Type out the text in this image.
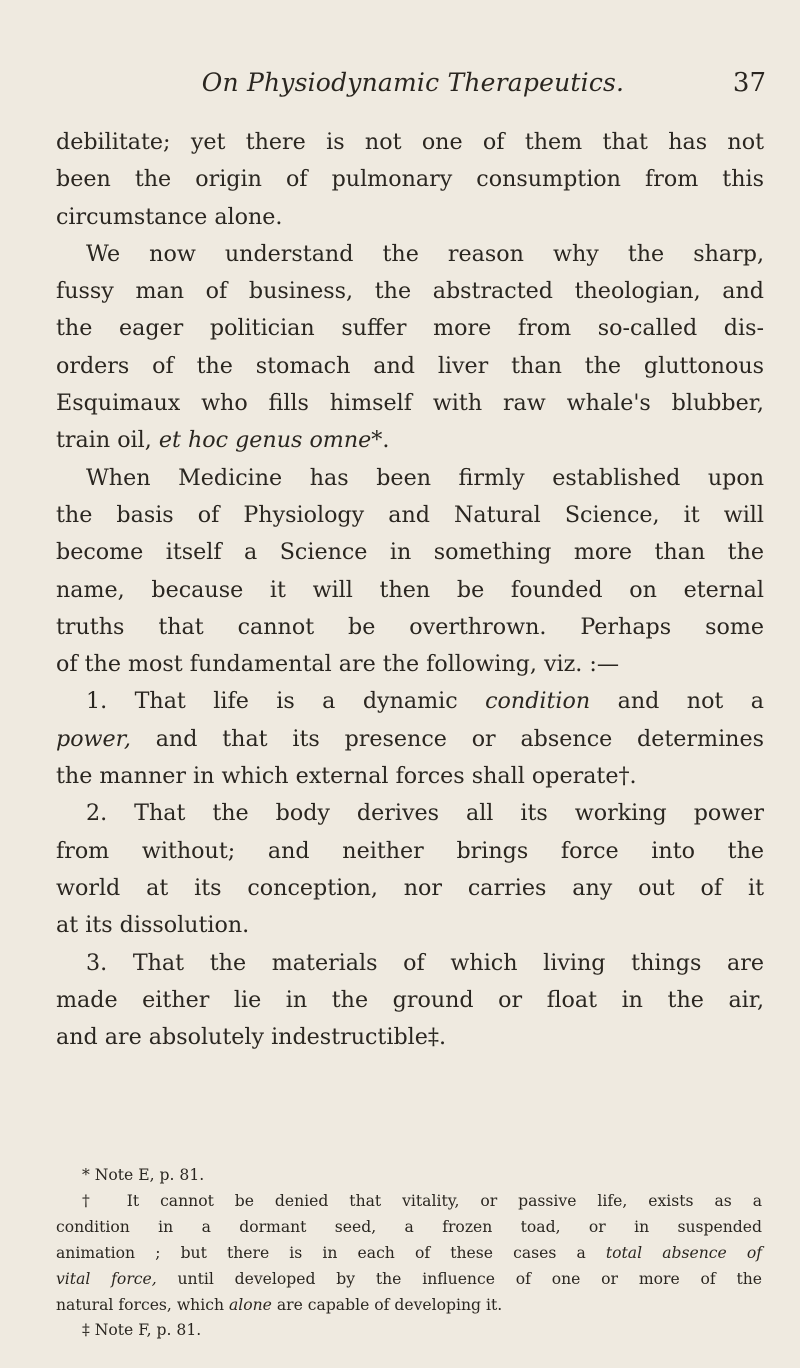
On Physiodynamic Therapeutics.	37
debilitate; yet there is not one of them that has not
been the origin of pulmonary consumption from this
circumstance alone.
We now understand the reason why the sharp,
fussy man of business, the abstracted theologian, and
the eager politician suffer more from so-called dis-
orders of the stomach and liver than the gluttonous
Esquimaux who fills himself with raw whale's blubber,
train oil, et hoc genus omne*.
When Medicine has been firmly established upon
the basis of Physiology and Natural Science, it will
become itself a Science in something more than the
name, because it will then be founded on eternal
truths that cannot be overthrown. Perhaps some
of the most fundamental are the following, viz. :—
1. That life is a dynamic condition and not a
power, and that its presence or absence determines
the manner in which external forces shall operate†.
2. That the body derives all its working power
from without; and neither brings force into the
world at its conception, nor carries any out of it
at its dissolution.
3. That the materials of which living things are
made either lie in the ground or float in the air,
and are absolutely indestructible‡.
* Note E, p. 81.
† It cannot be denied that vitality, or passive life, exists as a
condition in a dormant seed, a frozen toad, or in suspended
animation ; but there is in each of these cases a total absence of
vital force, until developed by the influence of one or more of the
natural forces, which alone are capable of developing it.
‡ Note F, p. 81.
